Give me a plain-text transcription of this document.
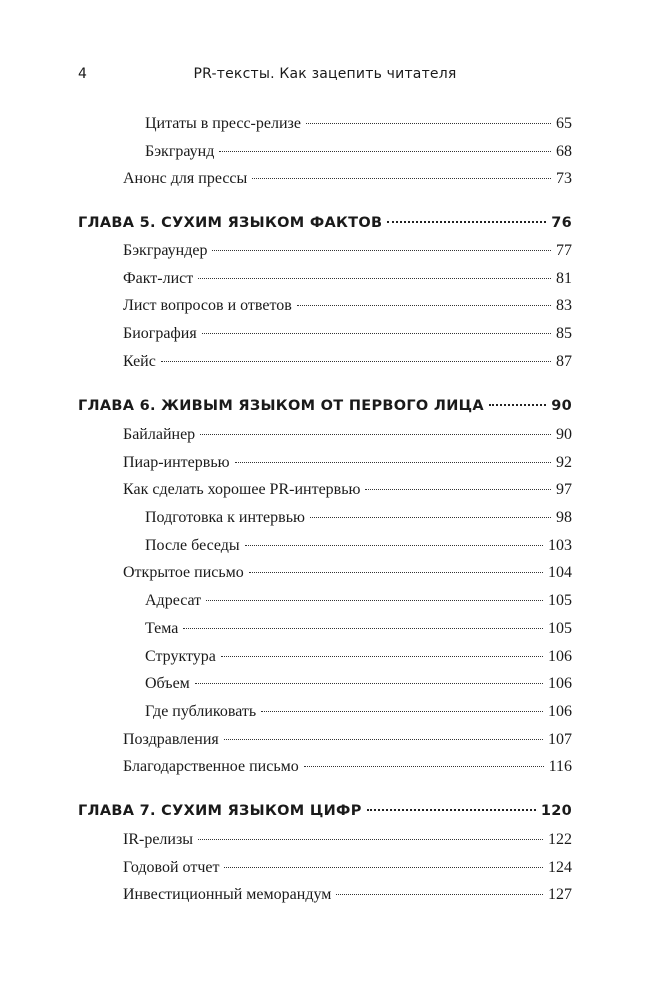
4	PR-тексты. Как зацепить читателя
Цитаты в пресс-релизе	65
Бэкграунд	68
Анонс для прессы	73
ГЛАВА 5. СУХИМ ЯЗЫКОМ ФАКТОВ	76
Бэкграундер	77
Факт-лист	81
Лист вопросов и ответов	83
Биография	85
Кейс	87
ГЛАВА 6. ЖИВЫМ ЯЗЫКОМ ОТ ПЕРВОГО ЛИЦА	90
Байлайнер	90
Пиар-интервью	92
Как сделать хорошее PR-интервью	97
Подготовка к интервью	98
После беседы	103
Открытое письмо	104
Адресат	105
Тема	105
Структура	106
Объем	106
Где публиковать	106
Поздравления	107
Благодарственное письмо	116
ГЛАВА 7. СУХИМ ЯЗЫКОМ ЦИФР	120
IR-релизы	122
Годовой отчет	124
Инвестиционный меморандум	127
